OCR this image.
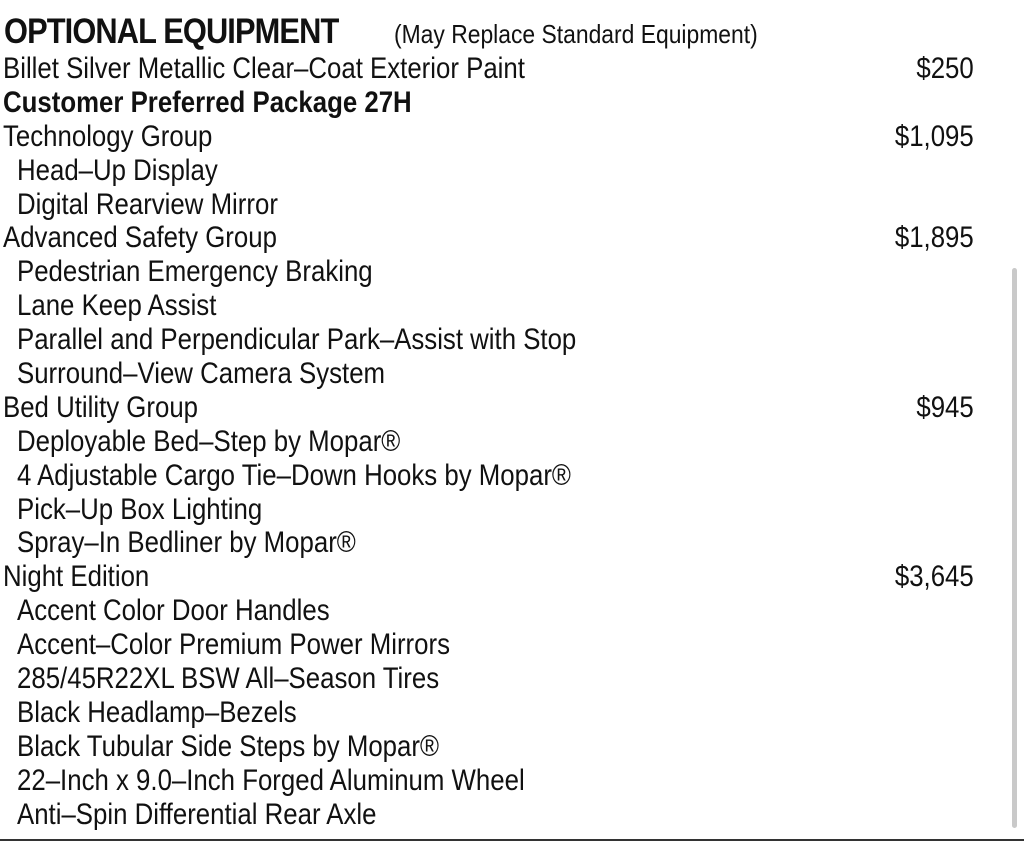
OPTIONAL EQUIPMENT (May Replace Standard Equipment)
Billet Silver Metallic Clear–Coat Exterior Paint	$250
Customer Preferred Package 27H
Technology Group	$1,095
Head–Up Display
Digital Rearview Mirror
Advanced Safety Group	$1,895
Pedestrian Emergency Braking
Lane Keep Assist
Parallel and Perpendicular Park–Assist with Stop
Surround–View Camera System
Bed Utility Group	$945
Deployable Bed–Step by Mopar®
4 Adjustable Cargo Tie–Down Hooks by Mopar®
Pick–Up Box Lighting
Spray–In Bedliner by Mopar®
Night Edition	$3,645
Accent Color Door Handles
Accent–Color Premium Power Mirrors
285/45R22XL BSW All–Season Tires
Black Headlamp–Bezels
Black Tubular Side Steps by Mopar®
22–Inch x 9.0–Inch Forged Aluminum Wheel
Anti–Spin Differential Rear Axle
